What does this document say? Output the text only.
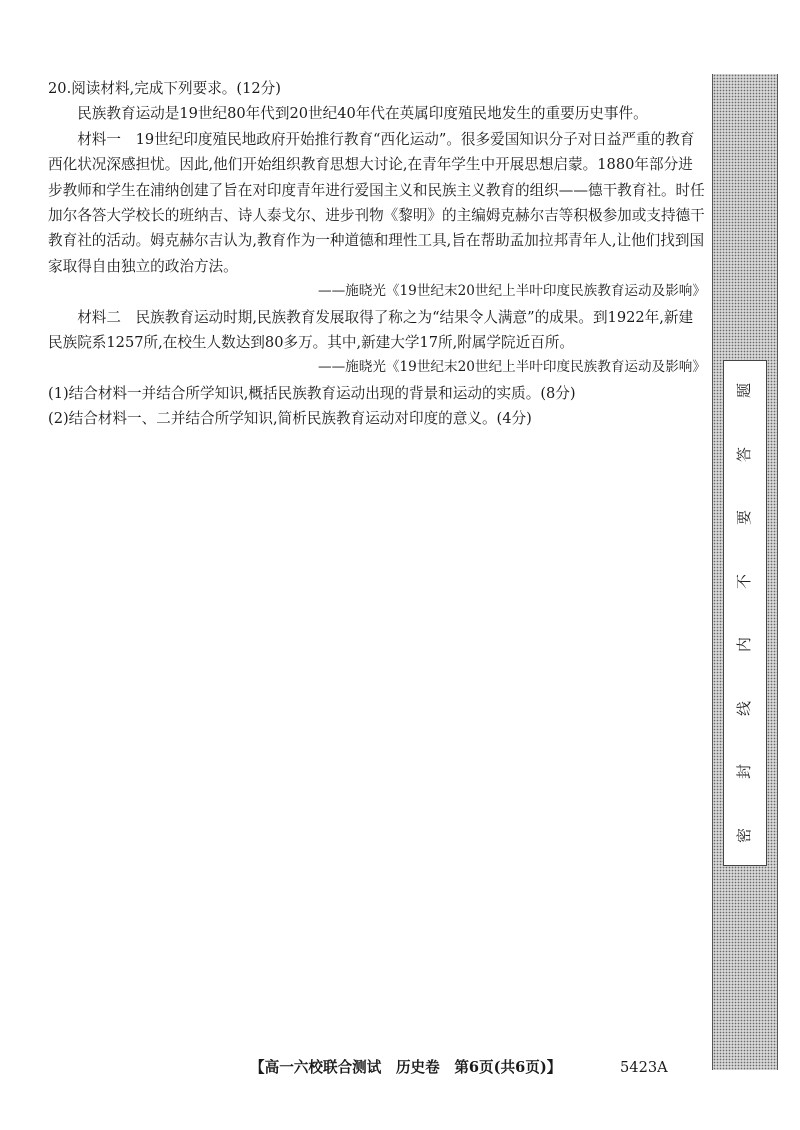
20.阅读材料,完成下列要求。(12分)

民族教育运动是19世纪80年代到20世纪40年代在英属印度殖民地发生的重要历史事件。

材料一　19世纪印度殖民地政府开始推行教育“西化运动”。很多爱国知识分子对日益严重的教育西化状况深感担忧。因此,他们开始组织教育思想大讨论,在青年学生中开展思想启蒙。1880年部分进步教师和学生在浦纳创建了旨在对印度青年进行爱国主义和民族主义教育的组织——德干教育社。时任加尔各答大学校长的班纳吉、诗人泰戈尔、进步刊物《黎明》的主编姆克赫尔吉等积极参加或支持德干教育社的活动。姆克赫尔吉认为,教育作为一种道德和理性工具,旨在帮助孟加拉邦青年人,让他们找到国家取得自由独立的政治方法。

——施晓光《19世纪末20世纪上半叶印度民族教育运动及影响》

材料二　民族教育运动时期,民族教育发展取得了称之为“结果令人满意”的成果。到1922年,新建民族院系1257所,在校生人数达到80多万。其中,新建大学17所,附属学院近百所。

——施晓光《19世纪末20世纪上半叶印度民族教育运动及影响》

(1)结合材料一并结合所学知识,概括民族教育运动出现的背景和运动的实质。(8分)

(2)结合材料一、二并结合所学知识,简析民族教育运动对印度的意义。(4分)

题
答
要
不
内
线
封
密
【高一六校联合测试　历史卷　第6页(共6页)】	5423A
